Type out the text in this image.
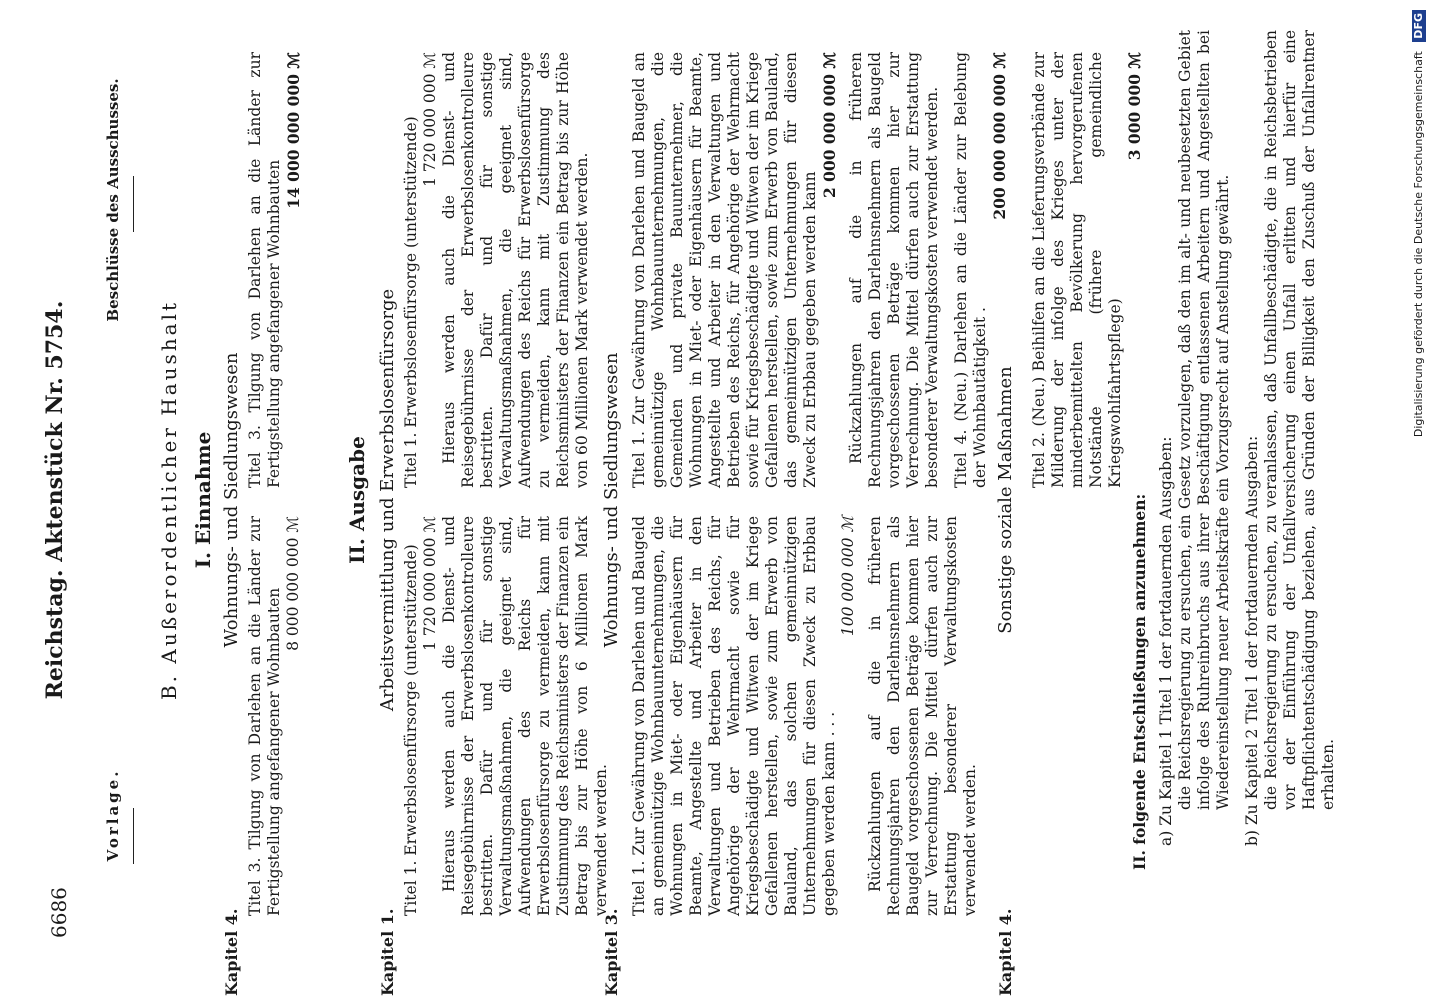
6686
Reichstag. Aktenstück Nr. 5754.
Vorlage.
Beschlüsse des Ausschusses.
B. Außerordentlicher Haushalt I. Einnahme
Kapitel 4.
Wohnungs- und Siedlungswesen

Titel 3. Tilgung von Darlehen an die Länder zur Fertigstellung angefangener Wohnbauten

8 000 000 000 ℳ

Titel 3. Tilgung von Darlehen an die Länder zur Fertigstellung angefangener Wohnbauten

14 000 000 000 ℳ

II. Ausgabe
Kapitel 1.
Arbeitsvermittlung und Erwerbslosenfürsorge

Titel 1. Erwerbslosenfürsorge (unterstützende) 1 720 000 000 ℳ Hieraus werden auch die Dienst- und Reisegebührnisse der Erwerbslosenkontrolleure bestritten. Dafür und für sonstige Verwaltungsmaßnahmen, die geeignet sind, Aufwendungen des Reichs für Erwerbslosenfürsorge zu vermeiden, kann mit Zustimmung des Reichsministers der Finanzen ein Betrag bis zur Höhe von 6 Millionen Mark verwendet werden.

Titel 1. Erwerbslosenfürsorge (unterstützende) 1 720 000 000 ℳ Hieraus werden auch die Dienst- und Reisegebührnisse der Erwerbslosenkontrolleure bestritten. Dafür und für sonstige Verwaltungsmaßnahmen, die geeignet sind, Aufwendungen des Reichs für Erwerbslosenfürsorge zu vermeiden, kann mit Zustimmung des Reichsministers der Finanzen ein Betrag bis zur Höhe von 60 Millionen Mark verwendet werden.

Kapitel 3.
Wohnungs- und Siedlungswesen

Titel 1. Zur Gewährung von Darlehen und Baugeld an gemeinnützige Wohnbauunternehmungen, die Wohnungen in Miet- oder Eigenhäusern für Beamte, Angestellte und Arbeiter in den Verwaltungen und Betrieben des Reichs, für Angehörige der Wehrmacht sowie für Kriegsbeschädigte und Witwen der im Kriege Gefallenen herstellen, sowie zum Erwerb von Bauland, das solchen gemeinnützigen Unternehmungen für diesen Zweck zu Erbbau gegeben werden kann . . .

100 000 000 ℳ Rückzahlungen auf die in früheren Rechnungsjahren den Darlehnsnehmern als Baugeld vorgeschossenen Beträge kommen hier zur Verrechnung. Die Mittel dürfen auch zur Erstattung besonderer Verwaltungskosten verwendet werden.

Titel 1. Zur Gewährung von Darlehen und Baugeld an gemeinnützige Wohnbauunternehmungen, die Gemeinden und private Bauunternehmer, die Wohnungen in Miet- oder Eigenhäusern für Beamte, Angestellte und Arbeiter in den Verwaltungen und Betrieben des Reichs, für Angehörige der Wehrmacht sowie für Kriegsbeschädigte und Witwen der im Kriege Gefallenen herstellen, sowie zum Erwerb von Bauland, das gemeinnützigen Unternehmungen für diesen Zweck zu Erbbau gegeben werden kann

2 000 000 000 ℳ Rückzahlungen auf die in früheren Rechnungsjahren den Darlehnsnehmern als Baugeld vorgeschossenen Beträge kommen hier zur Verrechnung. Die Mittel dürfen auch zur Erstattung besonderer Verwaltungskosten verwendet werden. Titel 4. (Neu.) Darlehen an die Länder zur Belebung der Wohnbautätigkeit .

200 000 000 000 ℳ

Kapitel 4.
Sonstige soziale Maßnahmen

Titel 2. (Neu.) Beihilfen an die Lieferungsverbände zur Milderung der infolge des Krieges unter der minderbemittelten Bevölkerung hervorgerufenen Notstände (frühere gemeindliche Kriegswohlfahrtspflege)

3 000 000 ℳ

II. folgende Entschließungen anzunehmen: a) Zu Kapitel 1 Titel 1 der fortdauernden Ausgaben: die Reichsregierung zu ersuchen, ein Gesetz vorzulegen, daß den im alt- und neubesetzten Gebiet infolge des Ruhreinbruchs aus ihrer Beschäftigung entlassenen Arbeitern und Angestellten bei Wiedereinstellung neuer Arbeitskräfte ein Vorzugsrecht auf Anstellung gewährt. b) Zu Kapitel 2 Titel 1 der fortdauernden Ausgaben: die Reichsregierung zu ersuchen, zu veranlassen, daß Unfallbeschädigte, die in Reichsbetrieben vor der Einführung der Unfallversicherung einen Unfall erlitten und hierfür eine Haftpflichtentschädigung beziehen, aus Gründen der Billigkeit den Zuschuß der Unfallrentner erhalten.

Digitalisierung gefördert durch die Deutsche Forschungsgemeinschaft DFG
